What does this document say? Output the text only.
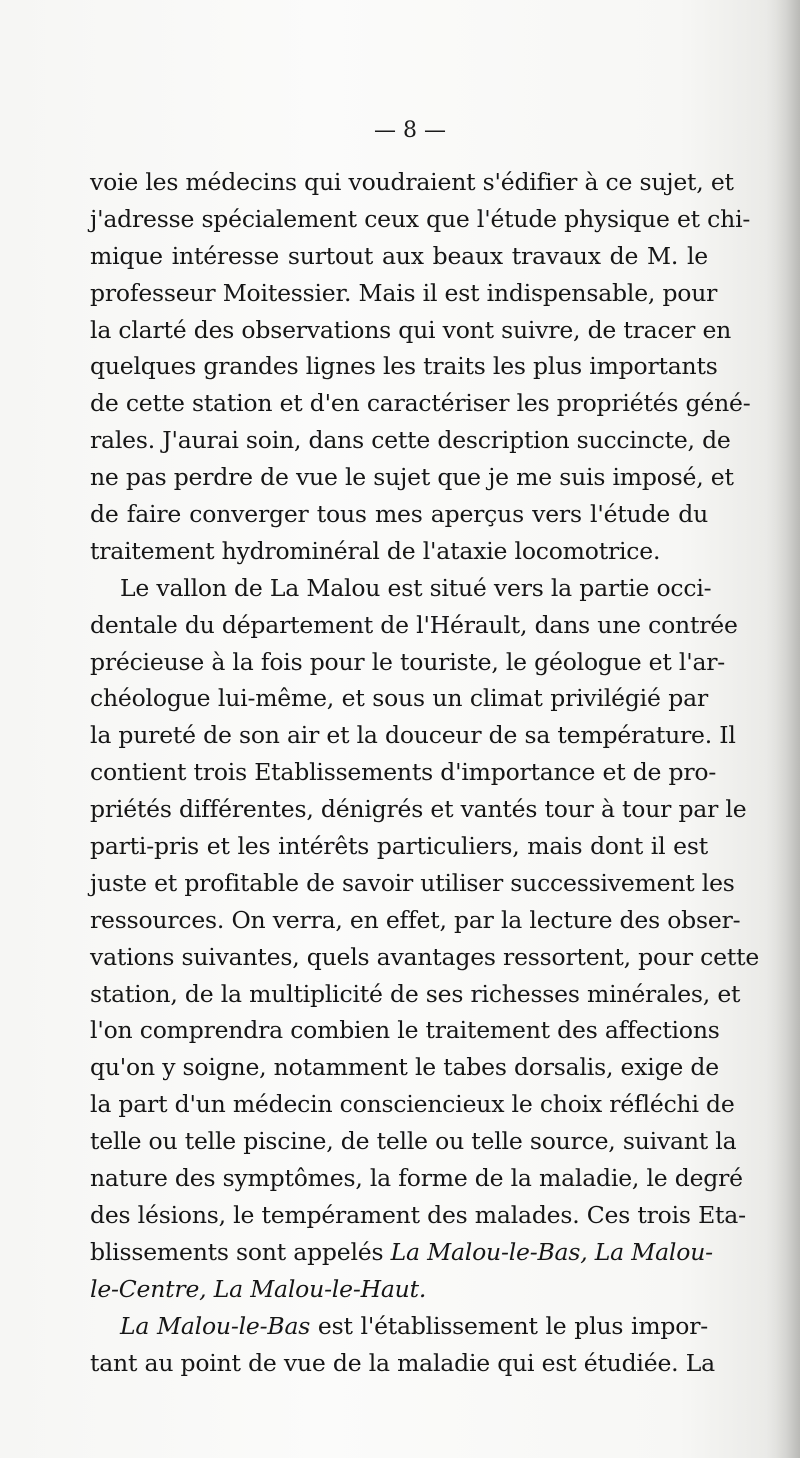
— 8 —
voie les médecins qui voudraient s'édifier à ce sujet, et
j'adresse spécialement ceux que l'étude physique et chi-
mique intéresse surtout aux beaux travaux de M. le
professeur Moitessier. Mais il est indispensable, pour
la clarté des observations qui vont suivre, de tracer en
quelques grandes lignes les traits les plus importants
de cette station et d'en caractériser les propriétés géné-
rales. J'aurai soin, dans cette description succincte, de
ne pas perdre de vue le sujet que je me suis imposé, et
de faire converger tous mes aperçus vers l'étude du
traitement hydrominéral de l'ataxie locomotrice.
Le vallon de La Malou est situé vers la partie occi-
dentale du département de l'Hérault, dans une contrée
précieuse à la fois pour le touriste, le géologue et l'ar-
chéologue lui-même, et sous un climat privilégié par
la pureté de son air et la douceur de sa température. Il
contient trois Etablissements d'importance et de pro-
priétés différentes, dénigrés et vantés tour à tour par le
parti-pris et les intérêts particuliers, mais dont il est
juste et profitable de savoir utiliser successivement les
ressources. On verra, en effet, par la lecture des obser-
vations suivantes, quels avantages ressortent, pour cette
station, de la multiplicité de ses richesses minérales, et
l'on comprendra combien le traitement des affections
qu'on y soigne, notamment le tabes dorsalis, exige de
la part d'un médecin consciencieux le choix réfléchi de
telle ou telle piscine, de telle ou telle source, suivant la
nature des symptômes, la forme de la maladie, le degré
des lésions, le tempérament des malades. Ces trois Eta-
blissements sont appelés La Malou-le-Bas, La Malou-
le-Centre, La Malou-le-Haut.
La Malou-le-Bas est l'établissement le plus impor-
tant au point de vue de la maladie qui est étudiée. La
